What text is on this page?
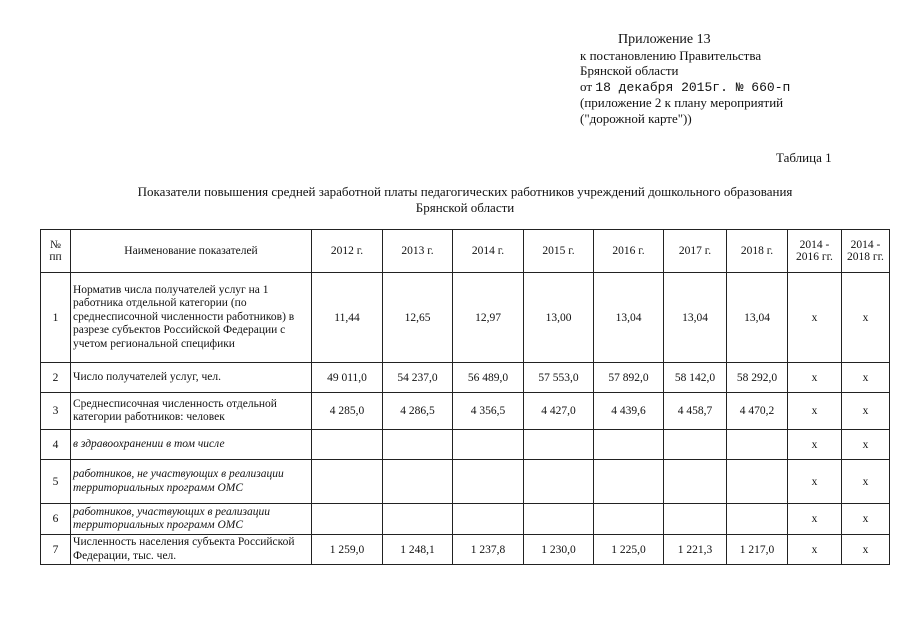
Приложение 13
к постановлению Правительства
Брянской области
от 18 декабря 2015г. № 660-п
(приложение 2 к плану мероприятий
("дорожной карте"))
Таблица 1
Показатели повышения средней заработной платы педагогических работников учреждений дошкольного образования
Брянской области
№ пп	Наименование показателей	2012 г.	2013 г.	2014 г.	2015 г.	2016 г.	2017 г.	2018 г.	2014 - 2016 гг.	2014 - 2018 гг.
1	Норматив числа получателей услуг на 1 работника отдельной категории (по среднесписочной численности работников) в разрезе субъектов Российской Федерации с учетом региональной специфики	11,44	12,65	12,97	13,00	13,04	13,04	13,04	х	х
2	Число получателей услуг, чел.	49 011,0	54 237,0	56 489,0	57 553,0	57 892,0	58 142,0	58 292,0	х	х
3	Среднесписочная численность отдельной категории работников: человек	4 285,0	4 286,5	4 356,5	4 427,0	4 439,6	4 458,7	4 470,2	х	х
4	в здравоохранении в том числе								х	х
5	работников, не участвующих в реализации территориальных программ ОМС								х	х
6	работников, участвующих в реализации территориальных программ ОМС								х	х
7	Численность населения субъекта Российской Федерации, тыс. чел.	1 259,0	1 248,1	1 237,8	1 230,0	1 225,0	1 221,3	1 217,0	х	х
